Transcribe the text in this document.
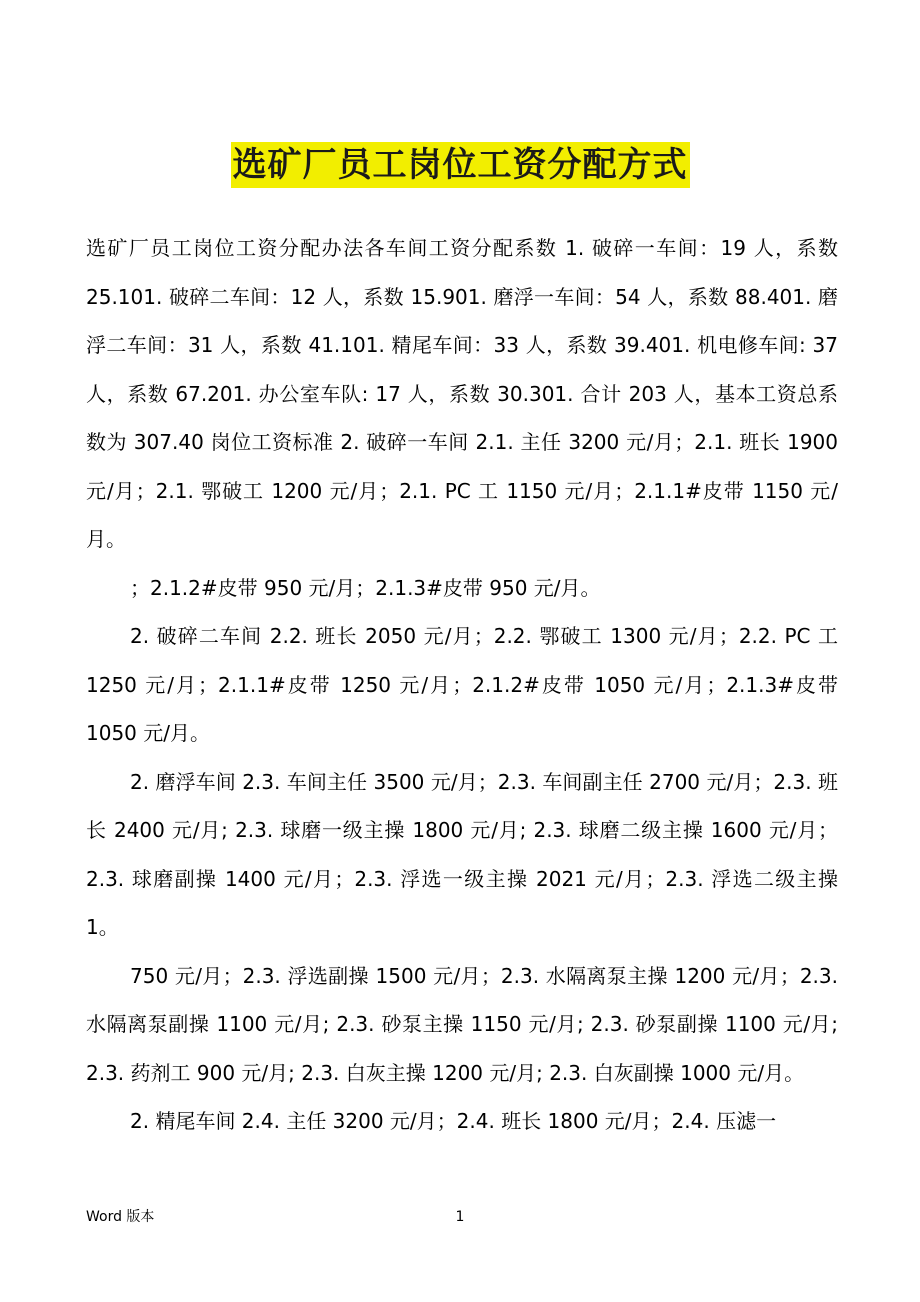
选矿厂员工岗位工资分配方式

选矿厂员工岗位工资分配办法各车间工资分配系数 1. 破碎一车间：19 人，系数 25.101. 破碎二车间：12 人，系数 15.901. 磨浮一车间：54 人，系数 88.401. 磨浮二车间：31 人，系数 41.101. 精尾车间：33 人，系数 39.401. 机电修车间: 37 人，系数 67.201. 办公室车队: 17 人，系数 30.301. 合计 203 人，基本工资总系数为 307.40 岗位工资标准 2. 破碎一车间 2.1. 主任 3200 元/月；2.1. 班长 1900 元/月；2.1. 鄂破工 1200 元/月；2.1. PC 工 1150 元/月；2.1.1#皮带 1150 元/月。

；2.1.2#皮带 950 元/月；2.1.3#皮带 950 元/月。

2. 破碎二车间 2.2. 班长 2050 元/月；2.2. 鄂破工 1300 元/月；2.2. PC 工 1250 元/月；2.1.1#皮带 1250 元/月；2.1.2#皮带 1050 元/月；2.1.3#皮带 1050 元/月。

2. 磨浮车间 2.3. 车间主任 3500 元/月；2.3. 车间副主任 2700 元/月；2.3. 班长 2400 元/月; 2.3. 球磨一级主操 1800 元/月; 2.3. 球磨二级主操 1600 元/月；2.3. 球磨副操 1400 元/月；2.3. 浮选一级主操 2021 元/月；2.3. 浮选二级主操 1。

750 元/月；2.3. 浮选副操 1500 元/月；2.3. 水隔离泵主操 1200 元/月；2.3. 水隔离泵副操 1100 元/月; 2.3. 砂泵主操 1150 元/月; 2.3. 砂泵副操 1100 元/月; 2.3. 药剂工 900 元/月; 2.3. 白灰主操 1200 元/月; 2.3. 白灰副操 1000 元/月。

2. 精尾车间 2.4. 主任 3200 元/月；2.4. 班长 1800 元/月；2.4. 压滤一

Word 版本	1
